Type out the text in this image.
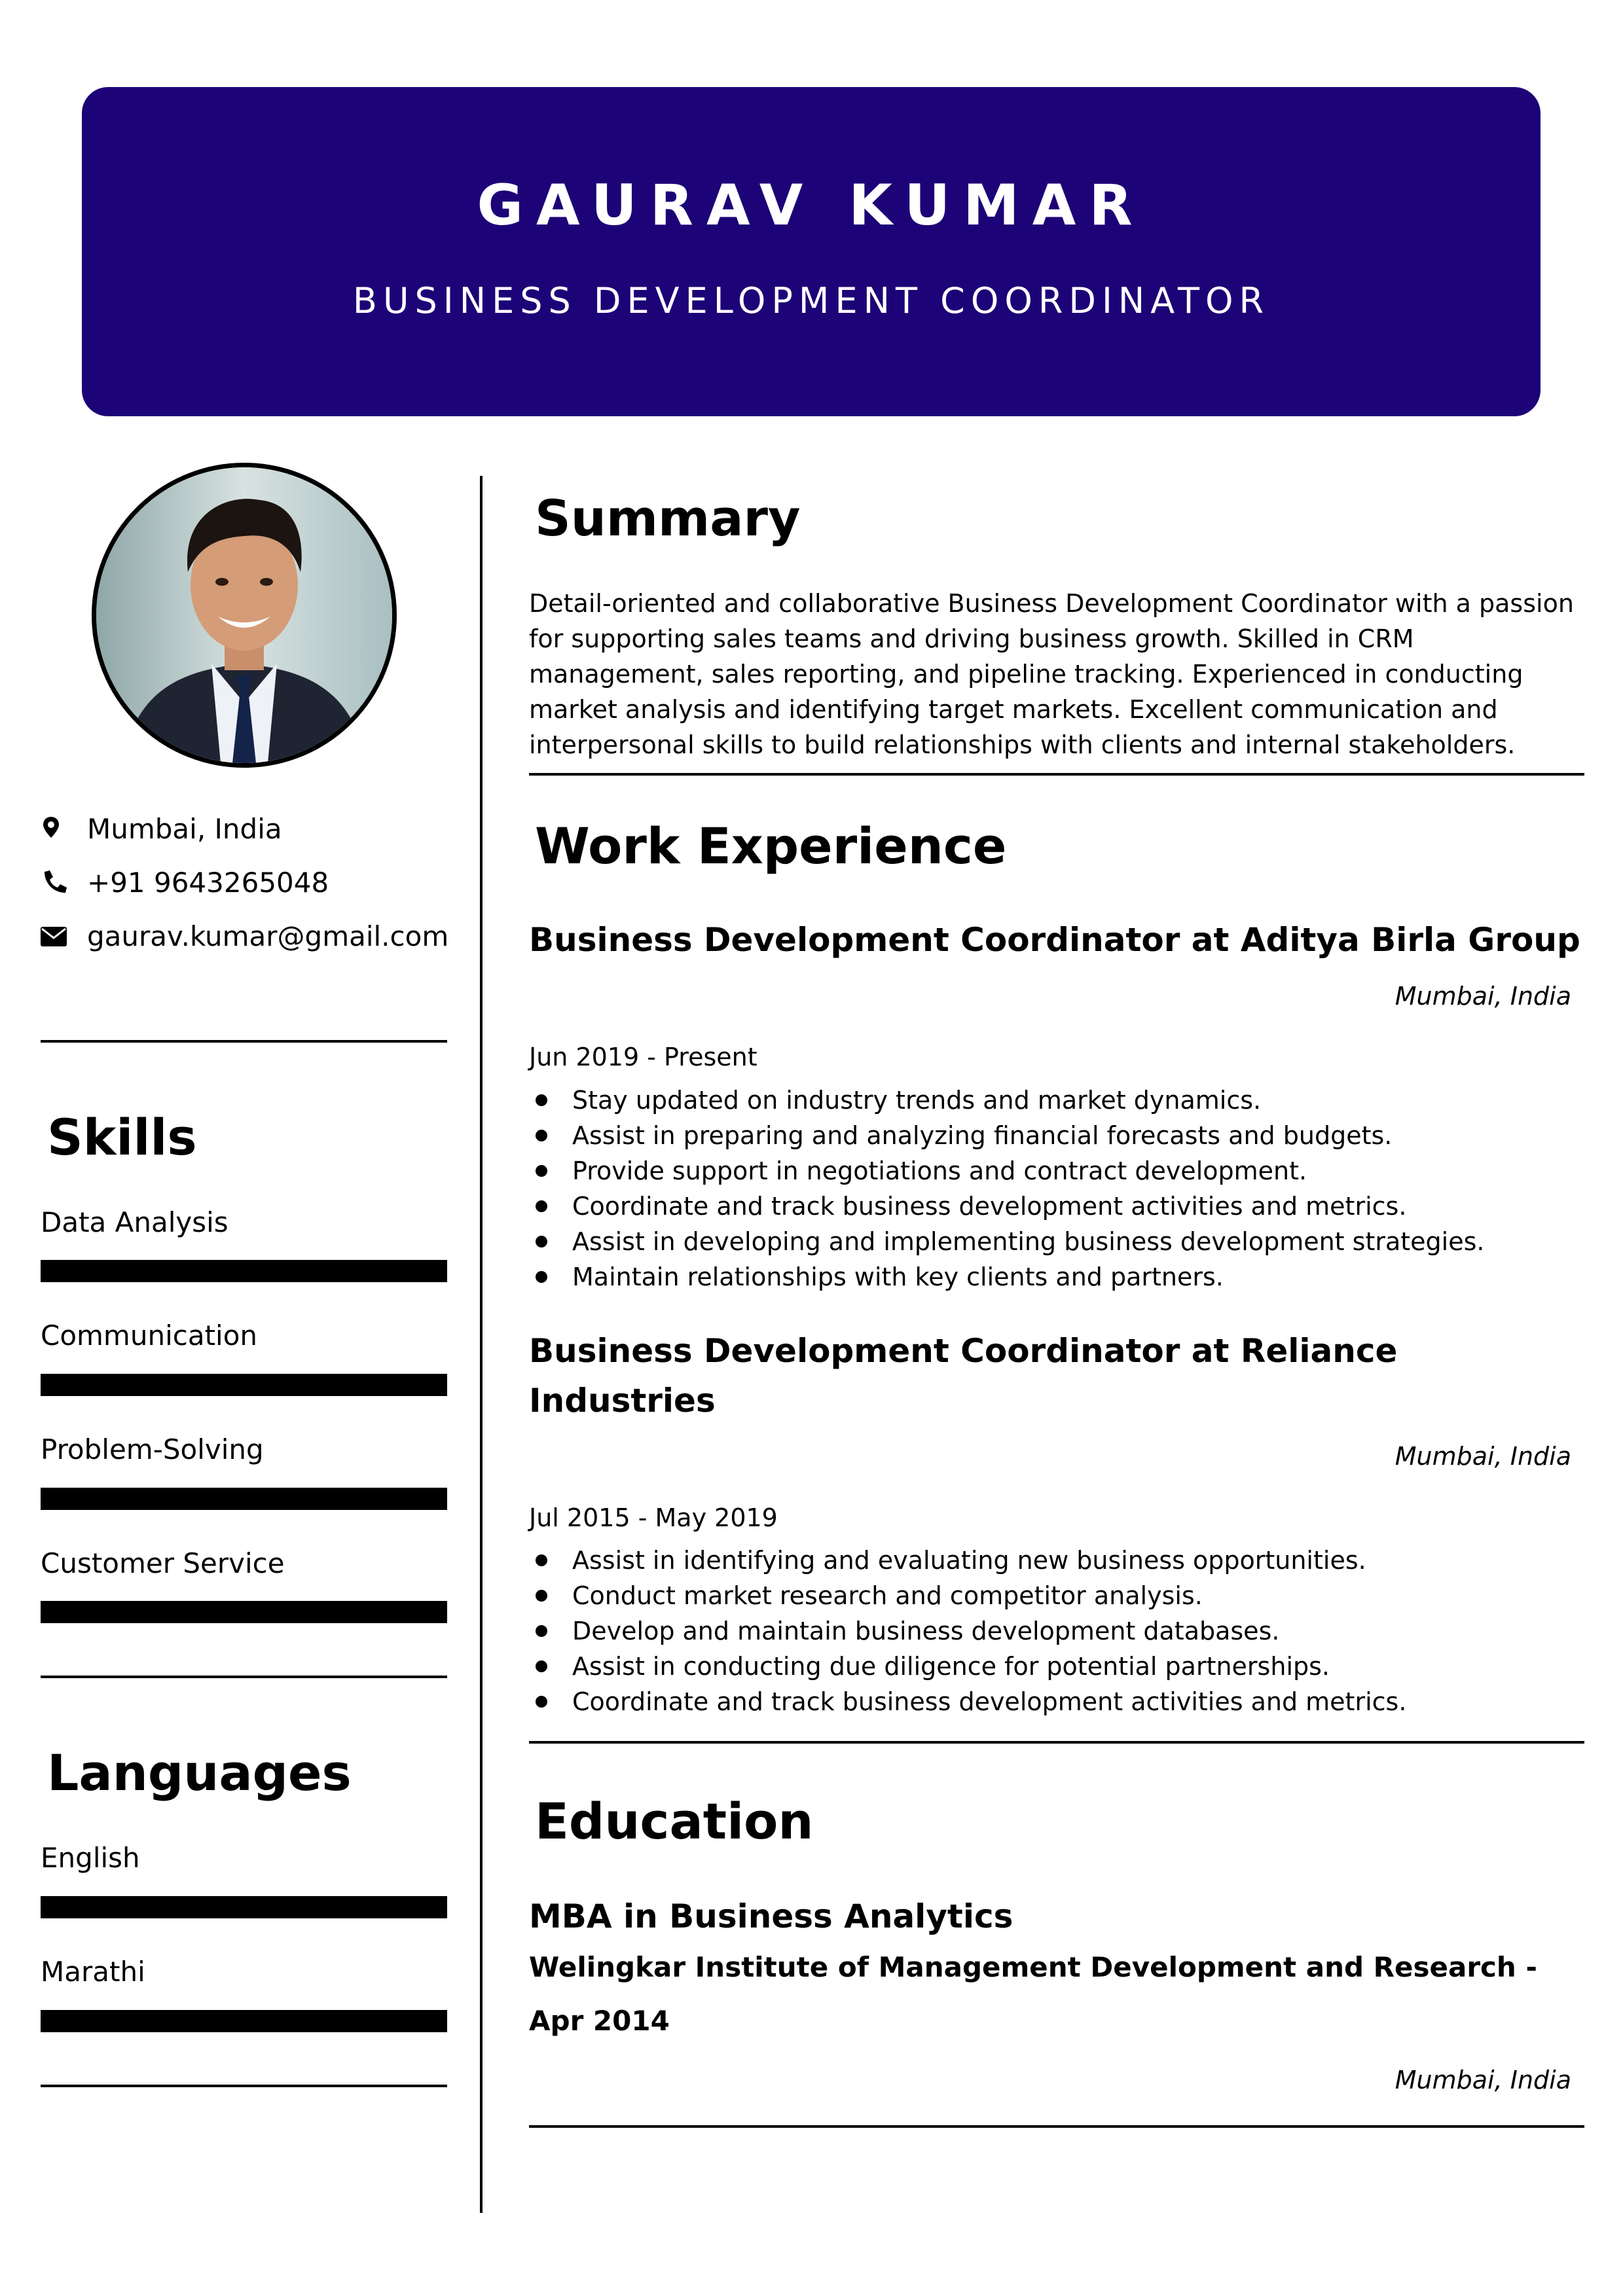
GAURAV KUMAR
BUSINESS DEVELOPMENT COORDINATOR
Mumbai, India
+91 9643265048
gaurav.kumar@gmail.com
Skills
Data Analysis
Communication
Problem-Solving
Customer Service
Languages
English
Marathi
Summary
Detail-oriented and collaborative Business Development Coordinator with a passion for supporting sales teams and driving business growth. Skilled in CRM management, sales reporting, and pipeline tracking. Experienced in conducting market analysis and identifying target markets. Excellent communication and interpersonal skills to build relationships with clients and internal stakeholders.
Work Experience
Business Development Coordinator at Aditya Birla Group
Mumbai, India
Jun 2019 - Present
Stay updated on industry trends and market dynamics.
Assist in preparing and analyzing financial forecasts and budgets.
Provide support in negotiations and contract development.
Coordinate and track business development activities and metrics.
Assist in developing and implementing business development strategies.
Maintain relationships with key clients and partners.
Business Development Coordinator at Reliance Industries
Mumbai, India
Jul 2015 - May 2019
Assist in identifying and evaluating new business opportunities.
Conduct market research and competitor analysis.
Develop and maintain business development databases.
Assist in conducting due diligence for potential partnerships.
Coordinate and track business development activities and metrics.
Education
MBA in Business Analytics
Welingkar Institute of Management Development and Research - Apr 2014
Mumbai, India
